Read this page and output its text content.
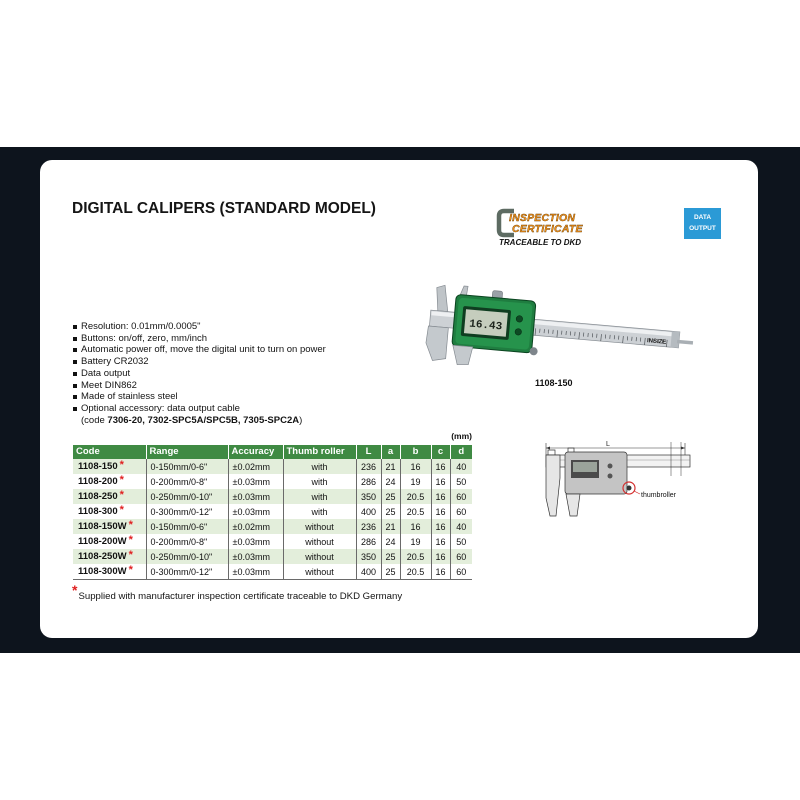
DIGITAL CALIPERS (STANDARD MODEL)
INSPECTION
CERTIFICATE
TRACEABLE TO DKD
DATA
OUTPUT
INSIZE
16.43
1108-150
Resolution: 0.01mm/0.0005"
Buttons: on/off, zero, mm/inch
Automatic power off, move the digital unit to turn on power
Battery CR2032
Data output
Meet DIN862
Made of stainless steel
Optional accessory: data output cable
(code 7306-20, 7302-SPC5A/SPC5B, 7305-SPC2A)
(mm)
Code	Range	Accuracy	Thumb roller	L	a	b	c	d
1108-150 *	0-150mm/0-6"	±0.02mm	with	236	21	16	16	40
1108-200 *	0-200mm/0-8"	±0.03mm	with	286	24	19	16	50
1108-250 *	0-250mm/0-10"	±0.03mm	with	350	25	20.5	16	60
1108-300 *	0-300mm/0-12"	±0.03mm	with	400	25	20.5	16	60
1108-150W *	0-150mm/0-6"	±0.02mm	without	236	21	16	16	40
1108-200W *	0-200mm/0-8"	±0.03mm	without	286	24	19	16	50
1108-250W *	0-250mm/0-10"	±0.03mm	without	350	25	20.5	16	60
1108-300W *	0-300mm/0-12"	±0.03mm	without	400	25	20.5	16	60
L
thumbroller
*Supplied with manufacturer inspection certificate traceable to DKD Germany
